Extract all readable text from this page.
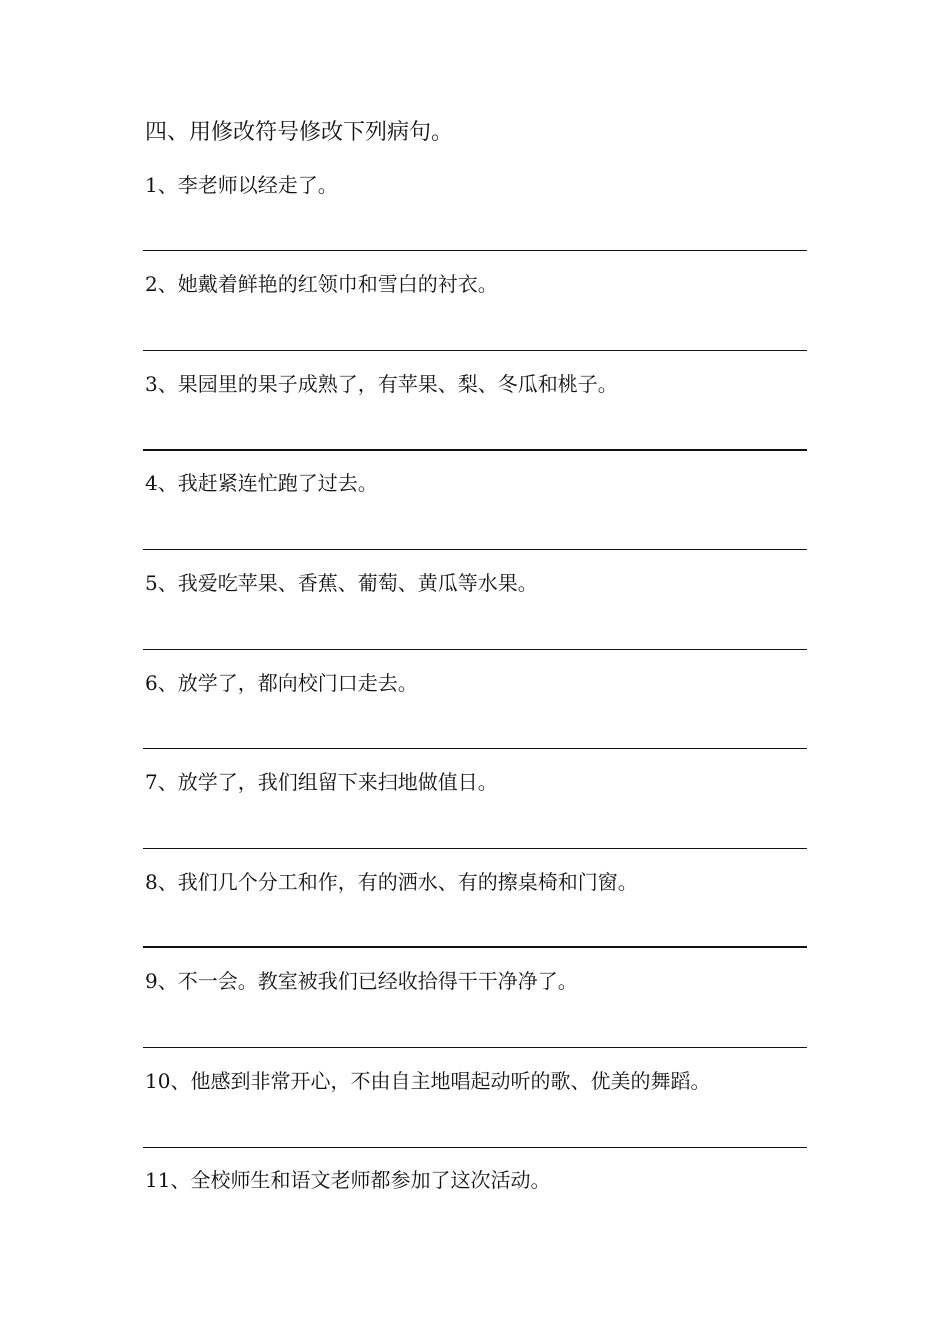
四、用修改符号修改下列病句。
1、李老师以经走了。
2、她戴着鲜艳的红领巾和雪白的衬衣。
3、果园里的果子成熟了，有苹果、梨、冬瓜和桃子。
4、我赶紧连忙跑了过去。
5、我爱吃苹果、香蕉、葡萄、黄瓜等水果。
6、放学了，都向校门口走去。
7、放学了，我们组留下来扫地做值日。
8、我们几个分工和作，有的洒水、有的擦桌椅和门窗。
9、不一会。教室被我们已经收拾得干干净净了。
10、他感到非常开心，不由自主地唱起动听的歌、优美的舞蹈。
11、全校师生和语文老师都参加了这次活动。
